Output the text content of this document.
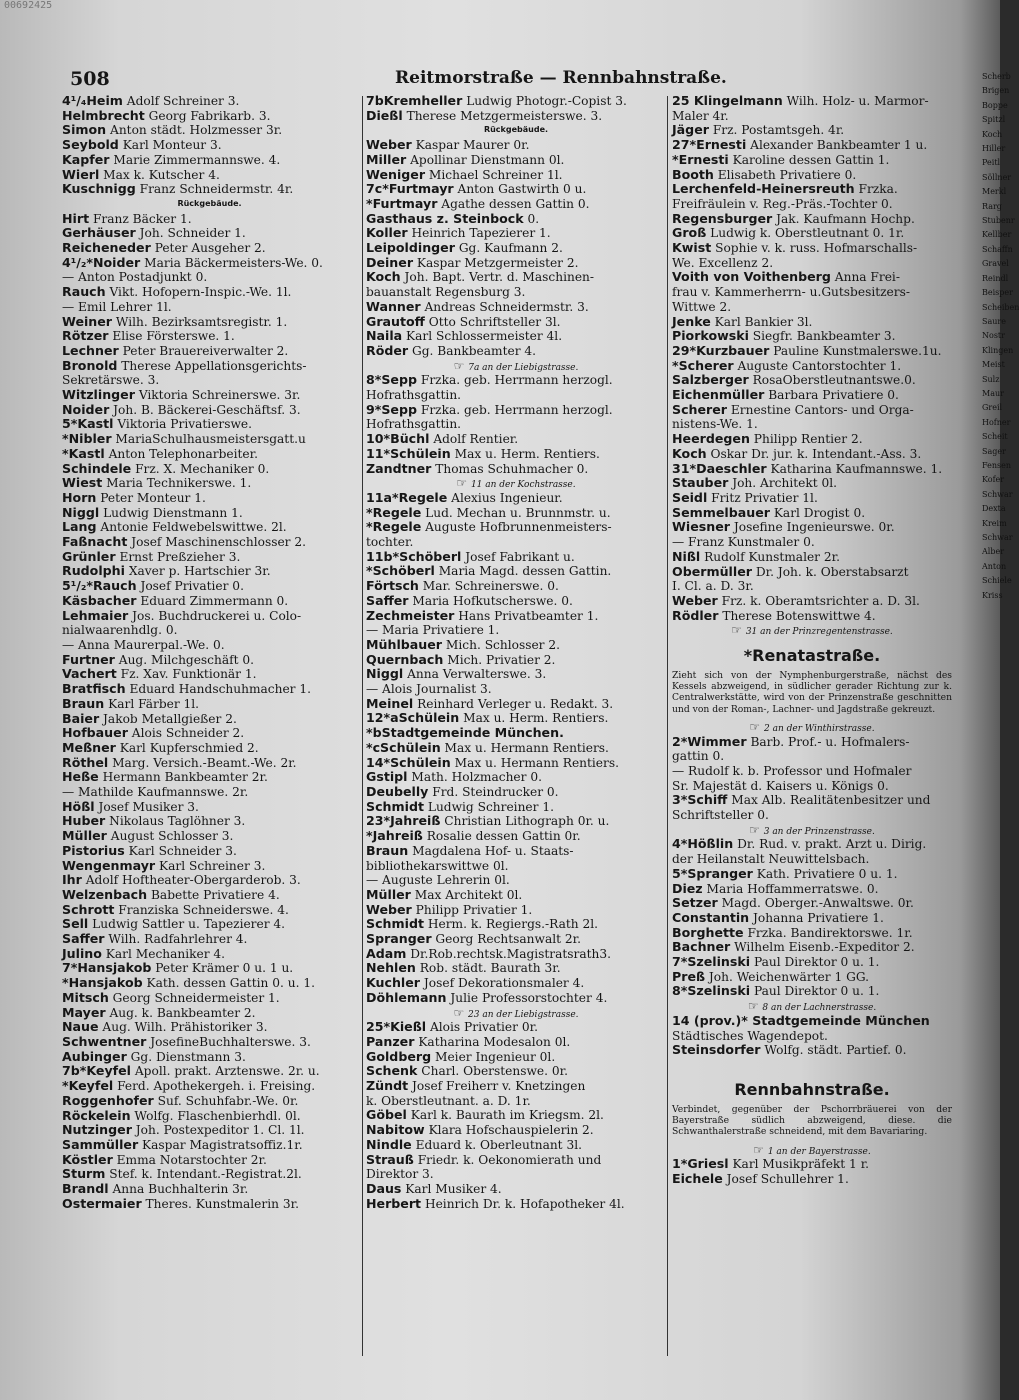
00692425
508	Reitmorstraße — Rennbahnstraße.
4¹/₄Heim Adolf Schreiner 3.
Helmbrecht Georg Fabrikarb. 3.
Simon Anton städt. Holzmesser 3r.
Seybold Karl Monteur 3.
Kapfer Marie Zimmermannswe. 4.
Wierl Max k. Kutscher 4.
Kuschnigg Franz Schneidermstr. 4r.
Rückgebäude.
Hirt Franz Bäcker 1.
Gerhäuser Joh. Schneider 1.
Reicheneder Peter Ausgeher 2.
4¹/₂*Noider Maria Bäckermeisters-We. 0.
— Anton Postadjunkt 0.
Rauch Vikt. Hofopern-Inspic.-We. 1l.
— Emil Lehrer 1l.
Weiner Wilh. Bezirksamtsregistr. 1.
Rötzer Elise Försterswe. 1.
Lechner Peter Brauereiverwalter 2.
Bronold Therese Appellationsgerichts-
Sekretärswe. 3.
Witzlinger Viktoria Schreinerswe. 3r.
Noider Joh. B. Bäckerei-Geschäftsf. 3.
5*Kastl Viktoria Privatierswe.
*Nibler MariaSchulhausmeistersgatt.u
*Kastl Anton Telephonarbeiter.
Schindele Frz. X. Mechaniker 0.
Wiest Maria Technikerswe. 1.
Horn Peter Monteur 1.
Niggl Ludwig Dienstmann 1.
Lang Antonie Feldwebelswittwe. 2l.
Faßnacht Josef Maschinenschlosser 2.
Grünler Ernst Preßzieher 3.
Rudolphi Xaver p. Hartschier 3r.
5¹/₂*Rauch Josef Privatier 0.
Käsbacher Eduard Zimmermann 0.
Lehmaier Jos. Buchdruckerei u. Colo-
nialwaarenhdlg. 0.
— Anna Maurerpal.-We. 0.
Furtner Aug. Milchgeschäft 0.
Vachert Fz. Xav. Funktionär 1.
Bratfisch Eduard Handschuhmacher 1.
Braun Karl Färber 1l.
Baier Jakob Metallgießer 2.
Hofbauer Alois Schneider 2.
Meßner Karl Kupferschmied 2.
Röthel Marg. Versich.-Beamt.-We. 2r.
Heße Hermann Bankbeamter 2r.
— Mathilde Kaufmannswe. 2r.
Hößl Josef Musiker 3.
Huber Nikolaus Taglöhner 3.
Müller August Schlosser 3.
Pistorius Karl Schneider 3.
Wengenmayr Karl Schreiner 3.
Ihr Adolf Hoftheater-Obergarderob. 3.
Welzenbach Babette Privatiere 4.
Schrott Franziska Schneiderswe. 4.
Sell Ludwig Sattler u. Tapezierer 4.
Saffer Wilh. Radfahrlehrer 4.
Julino Karl Mechaniker 4.
7*Hansjakob Peter Krämer 0 u. 1 u.
*Hansjakob Kath. dessen Gattin 0. u. 1.
Mitsch Georg Schneidermeister 1.
Mayer Aug. k. Bankbeamter 2.
Naue Aug. Wilh. Prähistoriker 3.
Schwentner JosefineBuchhalterswe. 3.
Aubinger Gg. Dienstmann 3.
7b*Keyfel Apoll. prakt. Arztenswe. 2r. u.
*Keyfel Ferd. Apothekergeh. i. Freising.
Roggenhofer Suf. Schuhfabr.-We. 0r.
Röckelein Wolfg. Flaschenbierhdl. 0l.
Nutzinger Joh. Postexpeditor 1. Cl. 1l.
Sammüller Kaspar Magistratsoffiz.1r.
Köstler Emma Notarstochter 2r.
Sturm Stef. k. Intendant.-Registrat.2l.
Brandl Anna Buchhalterin 3r.
Ostermaier Theres. Kunstmalerin 3r.
7bKremheller Ludwig Photogr.-Copist 3.
Dießl Therese Metzgermeisterswe. 3.
Rückgebäude.
Weber Kaspar Maurer 0r.
Miller Apollinar Dienstmann 0l.
Weniger Michael Schreiner 1l.
7c*Furtmayr Anton Gastwirth 0 u.
*Furtmayr Agathe dessen Gattin 0.
Gasthaus z. Steinbock 0.
Koller Heinrich Tapezierer 1.
Leipoldinger Gg. Kaufmann 2.
Deiner Kaspar Metzgermeister 2.
Koch Joh. Bapt. Vertr. d. Maschinen-
bauanstalt Regensburg 3.
Wanner Andreas Schneidermstr. 3.
Grautoff Otto Schriftsteller 3l.
Naila Karl Schlossermeister 4l.
Röder Gg. Bankbeamter 4.
☞ 7a an der Liebigstrasse.
8*Sepp Frzka. geb. Herrmann herzogl.
Hofrathsgattin.
9*Sepp Frzka. geb. Herrmann herzogl.
Hofrathsgattin.
10*Büchl Adolf Rentier.
11*Schülein Max u. Herm. Rentiers.
Zandtner Thomas Schuhmacher 0.
☞ 11 an der Kochstrasse.
11a*Regele Alexius Ingenieur.
*Regele Lud. Mechan u. Brunnmstr. u.
*Regele Auguste Hofbrunnenmeisters-
tochter.
11b*Schöberl Josef Fabrikant u.
*Schöberl Maria Magd. dessen Gattin.
Förtsch Mar. Schreinerswe. 0.
Saffer Maria Hofkutscherswe. 0.
Zechmeister Hans Privatbeamter 1.
— Maria Privatiere 1.
Mühlbauer Mich. Schlosser 2.
Quernbach Mich. Privatier 2.
Niggl Anna Verwalterswe. 3.
— Alois Journalist 3.
Meinel Reinhard Verleger u. Redakt. 3.
12*aSchülein Max u. Herm. Rentiers.
*bStadtgemeinde München.
*cSchülein Max u. Hermann Rentiers.
14*Schülein Max u. Hermann Rentiers.
Gstipl Math. Holzmacher 0.
Deubelly Frd. Steindrucker 0.
Schmidt Ludwig Schreiner 1.
23*Jahreiß Christian Lithograph 0r. u.
*Jahreiß Rosalie dessen Gattin 0r.
Braun Magdalena Hof- u. Staats-
bibliothekarswittwe 0l.
— Auguste Lehrerin 0l.
Müller Max Architekt 0l.
Weber Philipp Privatier 1.
Schmidt Herm. k. Regiergs.-Rath 2l.
Spranger Georg Rechtsanwalt 2r.
Adam Dr.Rob.rechtsk.Magistratsrath3.
Nehlen Rob. städt. Baurath 3r.
Kuchler Josef Dekorationsmaler 4.
Döhlemann Julie Professorstochter 4.
☞ 23 an der Liebigstrasse.
25*Kießl Alois Privatier 0r.
Panzer Katharina Modesalon 0l.
Goldberg Meier Ingenieur 0l.
Schenk Charl. Oberstenswe. 0r.
Zündt Josef Freiherr v. Knetzingen
k. Oberstleutnant. a. D. 1r.
Göbel Karl k. Baurath im Kriegsm. 2l.
Nabitow Klara Hofschauspielerin 2.
Nindle Eduard k. Oberleutnant 3l.
Strauß Friedr. k. Oekonomierath und
Direktor 3.
Daus Karl Musiker 4.
Herbert Heinrich Dr. k. Hofapotheker 4l.
25 Klingelmann Wilh. Holz- u. Marmor-
Maler 4r.
Jäger Frz. Postamtsgeh. 4r.
27*Ernesti Alexander Bankbeamter 1 u.
*Ernesti Karoline dessen Gattin 1.
Booth Elisabeth Privatiere 0.
Lerchenfeld-Heinersreuth Frzka.
Freifräulein v. Reg.-Präs.-Tochter 0.
Regensburger Jak. Kaufmann Hochp.
Groß Ludwig k. Oberstleutnant 0. 1r.
Kwist Sophie v. k. russ. Hofmarschalls-
We. Excellenz 2.
Voith von Voithenberg Anna Frei-
frau v. Kammerherrn- u.Gutsbesitzers-
Wittwe 2.
Jenke Karl Bankier 3l.
Piorkowski Siegfr. Bankbeamter 3.
29*Kurzbauer Pauline Kunstmalerswe.1u.
*Scherer Auguste Cantorstochter 1.
Salzberger RosaOberstleutnantswe.0.
Eichenmüller Barbara Privatiere 0.
Scherer Ernestine Cantors- und Orga-
nistens-We. 1.
Heerdegen Philipp Rentier 2.
Koch Oskar Dr. jur. k. Intendant.-Ass. 3.
31*Daeschler Katharina Kaufmannswe. 1.
Stauber Joh. Architekt 0l.
Seidl Fritz Privatier 1l.
Semmelbauer Karl Drogist 0.
Wiesner Josefine Ingenieurswe. 0r.
— Franz Kunstmaler 0.
Nißl Rudolf Kunstmaler 2r.
Obermüller Dr. Joh. k. Oberstabsarzt
I. Cl. a. D. 3r.
Weber Frz. k. Oberamtsrichter a. D. 3l.
Rödler Therese Botenswittwe 4.
☞ 31 an der Prinzregentenstrasse.
*Renatastraße.
Zieht sich von der Nymphenburgerstraße, nächst des Kessels abzweigend, in südlicher gerader Richtung zur k. Centralwerkstätte, wird von der Prinzenstraße geschnitten und von der Roman-, Lachner- und Jagdstraße gekreuzt.
☞ 2 an der Winthirstrasse.
2*Wimmer Barb. Prof.- u. Hofmalers-
gattin 0.
— Rudolf k. b. Professor und Hofmaler
Sr. Majestät d. Kaisers u. Königs 0.
3*Schiff Max Alb. Realitätenbesitzer und
Schriftsteller 0.
☞ 3 an der Prinzenstrasse.
4*Hößlin Dr. Rud. v. prakt. Arzt u. Dirig.
der Heilanstalt Neuwittelsbach.
5*Spranger Kath. Privatiere 0 u. 1.
Diez Maria Hoffammerratswe. 0.
Setzer Magd. Oberger.-Anwaltswe. 0r.
Constantin Johanna Privatiere 1.
Borghette Frzka. Bandirektorswe. 1r.
Bachner Wilhelm Eisenb.-Expeditor 2.
7*Szelinski Paul Direktor 0 u. 1.
Preß Joh. Weichenwärter 1 GG.
8*Szelinski Paul Direktor 0 u. 1.
☞ 8 an der Lachnerstrasse.
14 (prov.)* Stadtgemeinde München
Städtisches Wagendepot.
Steinsdorfer Wolfg. städt. Partief. 0.
Rennbahnstraße.
Verbindet, gegenüber der Pschorrbräuerei von der Bayerstraße südlich abzweigend, diese. die Schwanthalerstraße schneidend, mit dem Bavariaring.
☞ 1 an der Bayerstrasse.
1*Griesl Karl Musikpräfekt 1 r.
Eichele Josef Schullehrer 1.
Scherb
Brigen
Boppe
Spitzl
Koch
Hiller
Peitl
Söllner
Merkl
Rarg
Stubenr
Kellber
Schaffn
Gravel
Reindl
Beisper
Scheiben
Saure
Nostr
Klingen
Meist
Sulz
Maur
Greil
Hofner
Scheit
Sager
Fensen
Kofer
Schwar
Dexta
Kreim
Schwar
Alber
Anton
Schiele
Kriss
